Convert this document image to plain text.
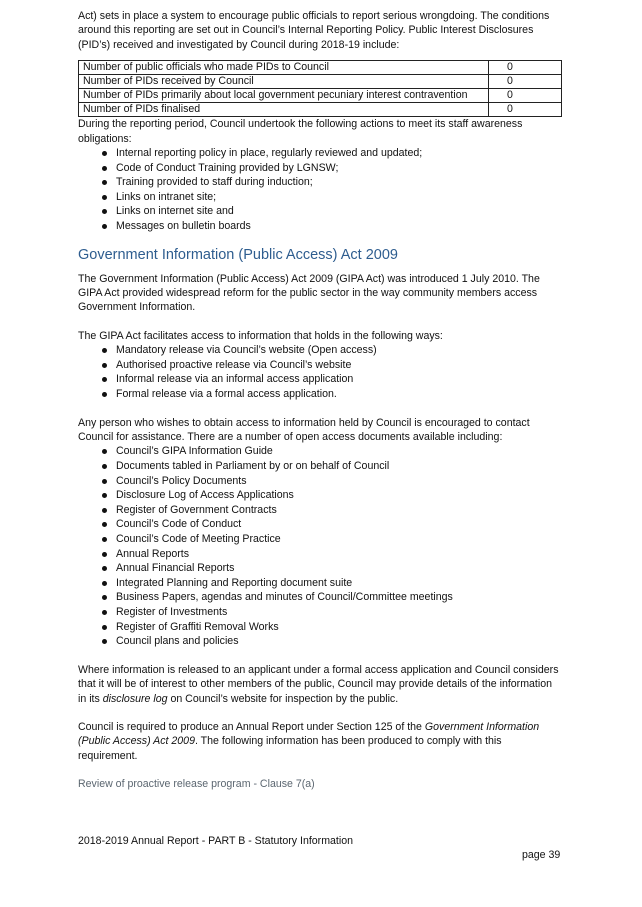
Act) sets in place a system to encourage public officials to report serious wrongdoing. The conditions around this reporting are set out in Council’s Internal Reporting Policy. Public Interest Disclosures (PID’s) received and investigated by Council during 2018-19 include:

Number of public officials who made PIDs to Council	0
Number of PIDs received by Council	0
Number of PIDs primarily about local government pecuniary interest contravention	0
Number of PIDs finalised	0

During the reporting period, Council undertook the following actions to meet its staff awareness obligations:

Internal reporting policy in place, regularly reviewed and updated;
Code of Conduct Training provided by LGNSW;
Training provided to staff during induction;
Links on intranet site;
Links on internet site and
Messages on bulletin boards
Government Information (Public Access) Act 2009

The Government Information (Public Access) Act 2009 (GIPA Act) was introduced 1 July 2010. The GIPA Act provided widespread reform for the public sector in the way community members access Government Information.

The GIPA Act facilitates access to information that holds in the following ways:

Mandatory release via Council’s website (Open access)
Authorised proactive release via Council’s website
Informal release via an informal access application
Formal release via a formal access application.

Any person who wishes to obtain access to information held by Council is encouraged to contact Council for assistance. There are a number of open access documents available including:

Council’s GIPA Information Guide
Documents tabled in Parliament by or on behalf of Council
Council’s Policy Documents
Disclosure Log of Access Applications
Register of Government Contracts
Council’s Code of Conduct
Council’s Code of Meeting Practice
Annual Reports
Annual Financial Reports
Integrated Planning and Reporting document suite
Business Papers, agendas and minutes of Council/Committee meetings
Register of Investments
Register of Graffiti Removal Works
Council plans and policies

Where information is released to an applicant under a formal access application and Council considers that it will be of interest to other members of the public, Council may provide details of the information in its disclosure log on Council’s website for inspection by the public.

Council is required to produce an Annual Report under Section 125 of the Government Information (Public Access) Act 2009. The following information has been produced to comply with this requirement.

Review of proactive release program - Clause 7(a)

2018-2019 Annual Report - PART B - Statutory Information
page 39
